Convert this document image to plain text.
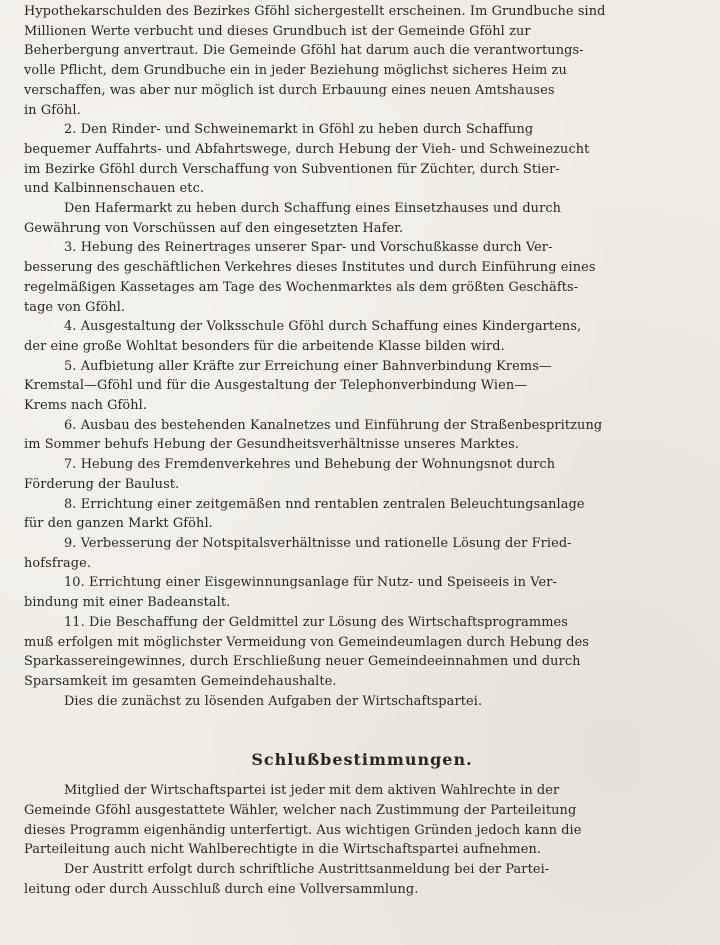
Hypothekarschulden des Bezirkes Gföhl sichergestellt erscheinen. Im Grundbuche sind
Millionen Werte verbucht und dieses Grundbuch ist der Gemeinde Gföhl zur
Beherbergung anvertraut. Die Gemeinde Gföhl hat darum auch die verantwortungs-
volle Pflicht, dem Grundbuche ein in jeder Beziehung möglichst sicheres Heim zu
verschaffen, was aber nur möglich ist durch Erbauung eines neuen Amtshauses
in Gföhl.

2. Den Rinder- und Schweinemarkt in Gföhl zu heben durch Schaffung
bequemer Auffahrts- und Abfahrtswege, durch Hebung der Vieh- und Schweinezucht
im Bezirke Gföhl durch Verschaffung von Subventionen für Züchter, durch Stier-
und Kalbinnenschauen etc.

Den Hafermarkt zu heben durch Schaffung eines Einsetzhauses und durch
Gewährung von Vorschüssen auf den eingesetzten Hafer.

3. Hebung des Reinertrages unserer Spar- und Vorschußkasse durch Ver-
besserung des geschäftlichen Verkehres dieses Institutes und durch Einführung eines
regelmäßigen Kassetages am Tage des Wochenmarktes als dem größten Geschäfts-
tage von Gföhl.

4. Ausgestaltung der Volksschule Gföhl durch Schaffung eines Kindergartens,
der eine große Wohltat besonders für die arbeitende Klasse bilden wird.

5. Aufbietung aller Kräfte zur Erreichung einer Bahnverbindung Krems—
Kremstal—Gföhl und für die Ausgestaltung der Telephonverbindung Wien—
Krems nach Gföhl.

6. Ausbau des bestehenden Kanalnetzes und Einführung der Straßenbespritzung
im Sommer behufs Hebung der Gesundheitsverhältnisse unseres Marktes.

7. Hebung des Fremdenverkehres und Behebung der Wohnungsnot durch
Förderung der Baulust.

8. Errichtung einer zeitgemäßen nnd rentablen zentralen Beleuchtungsanlage
für den ganzen Markt Gföhl.

9. Verbesserung der Notspitalsverhältnisse und rationelle Lösung der Fried-
hofsfrage.

10. Errichtung einer Eisgewinnungsanlage für Nutz- und Speiseeis in Ver-
bindung mit einer Badeanstalt.

11. Die Beschaffung der Geldmittel zur Lösung des Wirtschaftsprogrammes
muß erfolgen mit möglichster Vermeidung von Gemeindeumlagen durch Hebung des
Sparkassereingewinnes, durch Erschließung neuer Gemeindeeinnahmen und durch
Sparsamkeit im gesamten Gemeindehaushalte.

Dies die zunächst zu lösenden Aufgaben der Wirtschaftspartei.

Schlußbestimmungen.

Mitglied der Wirtschaftspartei ist jeder mit dem aktiven Wahlrechte in der
Gemeinde Gföhl ausgestattete Wähler, welcher nach Zustimmung der Parteileitung
dieses Programm eigenhändig unterfertigt. Aus wichtigen Gründen jedoch kann die
Parteileitung auch nicht Wahlberechtigte in die Wirtschaftspartei aufnehmen.

Der Austritt erfolgt durch schriftliche Austrittsanmeldung bei der Partei-
leitung oder durch Ausschluß durch eine Vollversammlung.
